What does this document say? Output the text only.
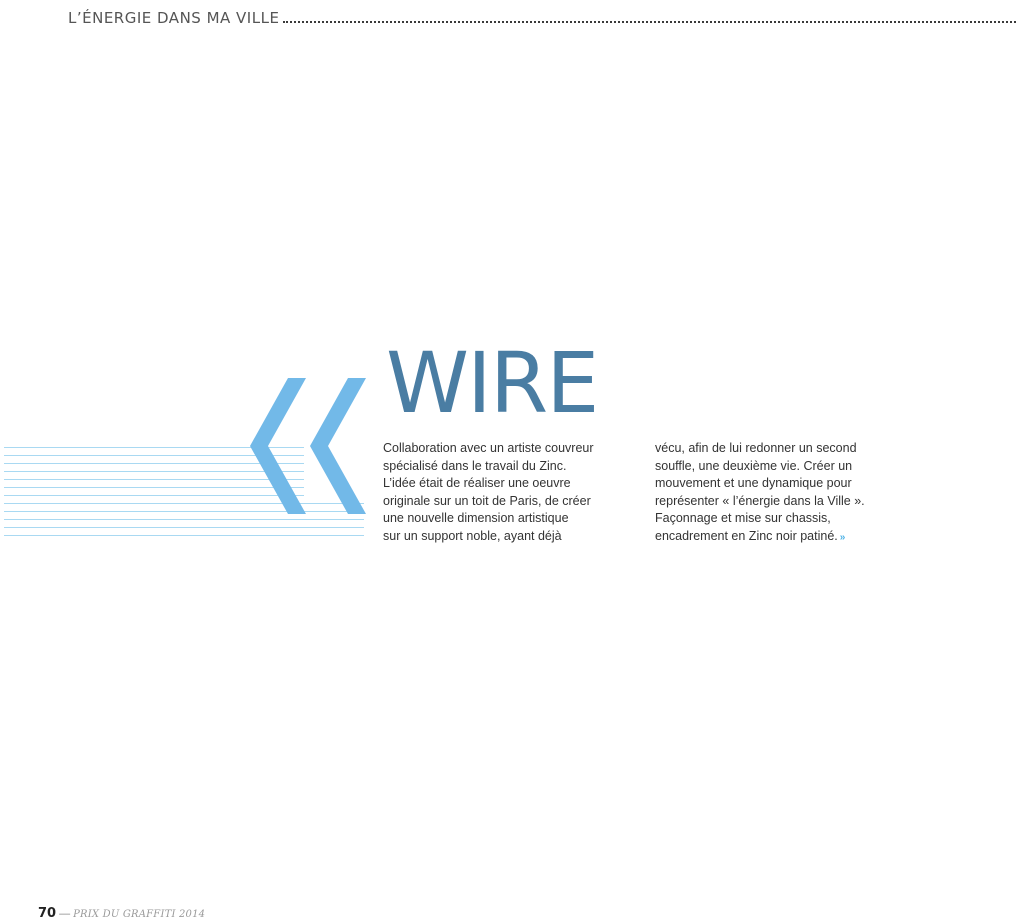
L’ÉNERGIE DANS MA VILLE
WIRE
Collaboration avec un artiste couvreur
spécialisé dans le travail du Zinc.
L’idée était de réaliser une oeuvre
originale sur un toit de Paris, de créer
une nouvelle dimension artistique
sur un support noble, ayant déjà
vécu, afin de lui redonner un second
souffle, une deuxième vie. Créer un
mouvement et une dynamique pour
représenter « l’énergie dans la Ville ».
Façonnage et mise sur chassis,
encadrement en Zinc noir patiné. »
70 — PRIX DU GRAFFITI 2014
